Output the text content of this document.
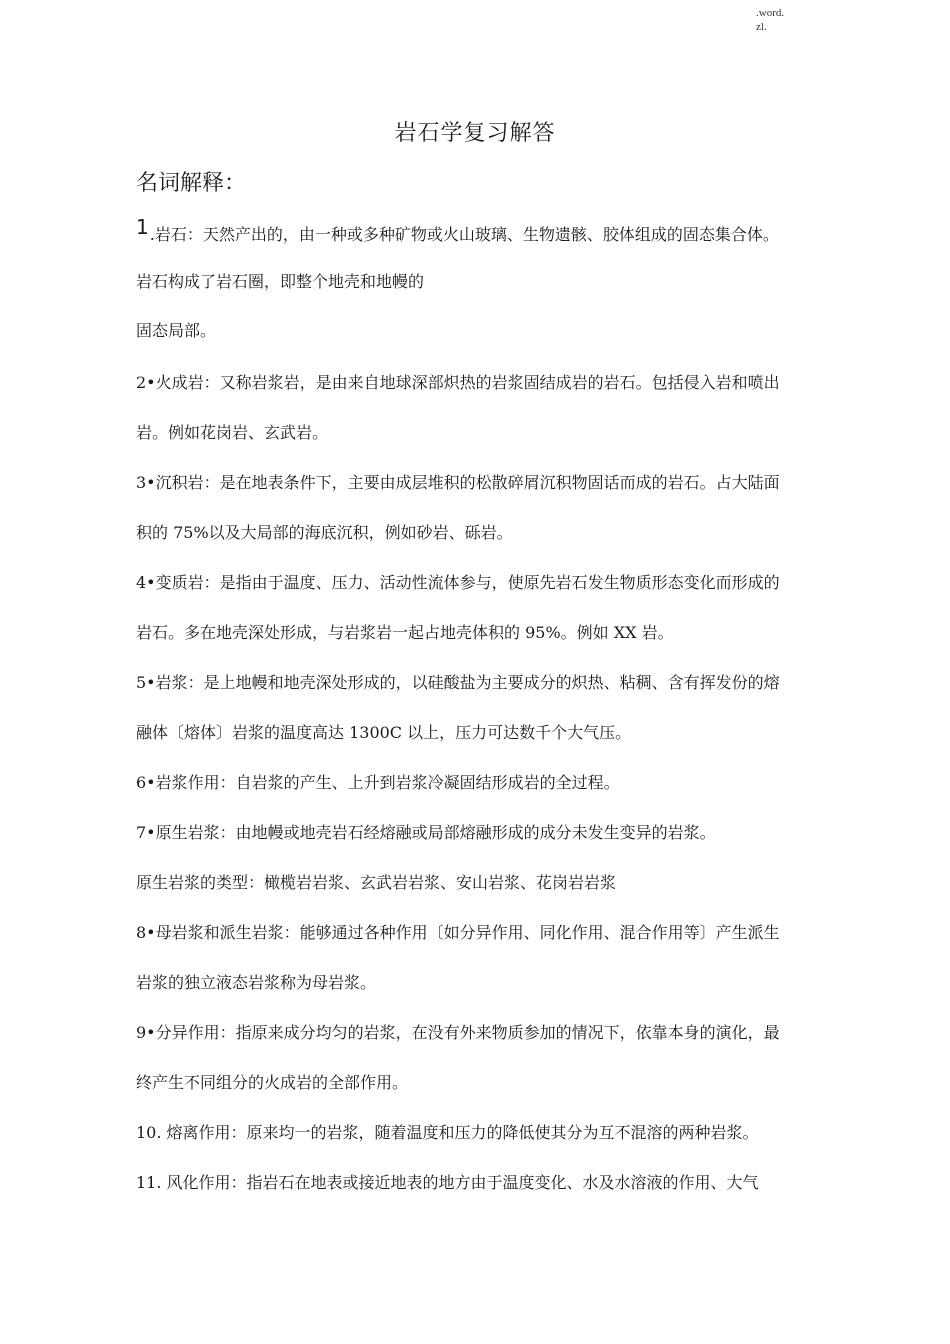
.word.
zl.
岩石学复习解答
名词解释：
1.岩石：天然产出的，由一种或多种矿物或火山玻璃、生物遗骸、胶体组成的固态集合体。
岩石构成了岩石圈，即整个地壳和地幔的
固态局部。
2•火成岩：又称岩浆岩，是由来自地球深部炽热的岩浆固结成岩的岩石。包括侵入岩和喷出
岩。例如花岗岩、玄武岩。
3•沉积岩：是在地表条件下，主要由成层堆积的松散碎屑沉积物固话而成的岩石。占大陆面
积的 75%以及大局部的海底沉积，例如砂岩、砾岩。
4•变质岩：是指由于温度、压力、活动性流体参与，使原先岩石发生物质形态变化而形成的
岩石。多在地壳深处形成，与岩浆岩一起占地壳体积的 95%。例如 XX 岩。
5•岩浆：是上地幔和地壳深处形成的，以硅酸盐为主要成分的炽热、粘稠、含有挥发份的熔
融体〔熔体〕岩浆的温度高达 1300C 以上，压力可达数千个大气压。
6•岩浆作用：自岩浆的产生、上升到岩浆冷凝固结形成岩的全过程。
7•原生岩浆：由地幔或地壳岩石经熔融或局部熔融形成的成分未发生变异的岩浆。
原生岩浆的类型：橄榄岩岩浆、玄武岩岩浆、安山岩浆、花岗岩岩浆
8•母岩浆和派生岩浆：能够通过各种作用〔如分异作用、同化作用、混合作用等〕产生派生
岩浆的独立液态岩浆称为母岩浆。
9•分异作用：指原来成分均匀的岩浆，在没有外来物质参加的情况下，依靠本身的演化，最
终产生不同组分的火成岩的全部作用。
10. 熔离作用：原来均一的岩浆，随着温度和压力的降低使其分为互不混溶的两种岩浆。
11. 风化作用：指岩石在地表或接近地表的地方由于温度变化、水及水溶液的作用、大气
